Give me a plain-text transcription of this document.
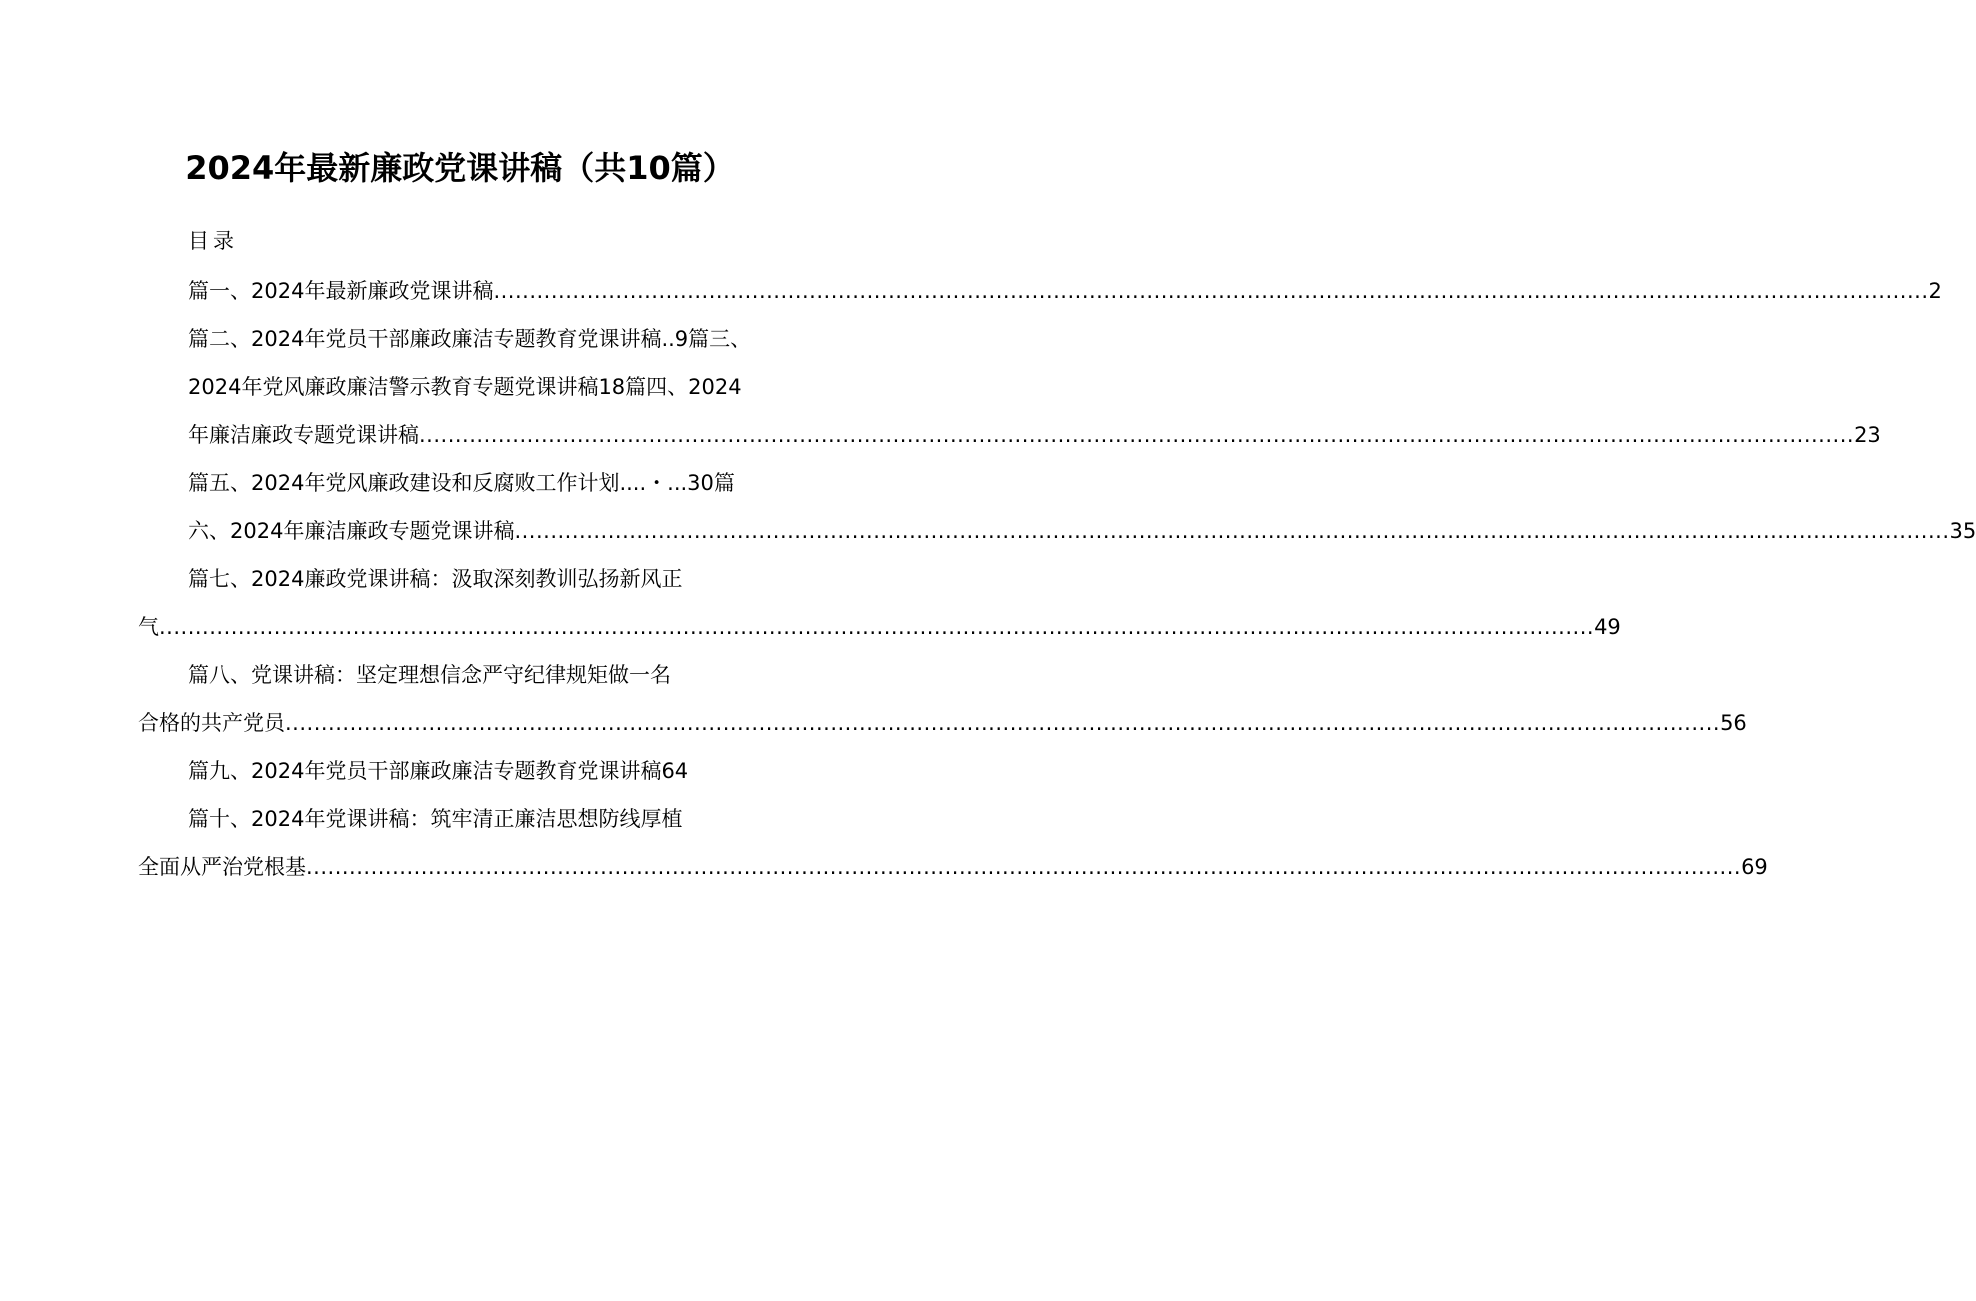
2024年最新廉政党课讲稿（共10篇）
目录
篇一、2024年最新廉政党课讲稿 ........................................................................................................................................................................................................ 2
篇二、2024年党员干部廉政廉洁专题教育党课讲稿..9篇三、
2024年党风廉政廉洁警示教育专题党课讲稿18篇四、2024
年廉洁廉政专题党课讲稿 ........................................................................................................................................................................................................ 23
篇五、2024年党风廉政建设和反腐败工作计划....・...30篇
六、2024年廉洁廉政专题党课讲稿 ........................................................................................................................................................................................................ 35
篇七、2024廉政党课讲稿：汲取深刻教训弘扬新风正
气 ........................................................................................................................................................................................................ 49
篇八、党课讲稿：坚定理想信念严守纪律规矩做一名
合格的共产党员 ........................................................................................................................................................................................................ 56
篇九、2024年党员干部廉政廉洁专题教育党课讲稿64
篇十、2024年党课讲稿：筑牢清正廉洁思想防线厚植
全面从严治党根基 ........................................................................................................................................................................................................ 69
